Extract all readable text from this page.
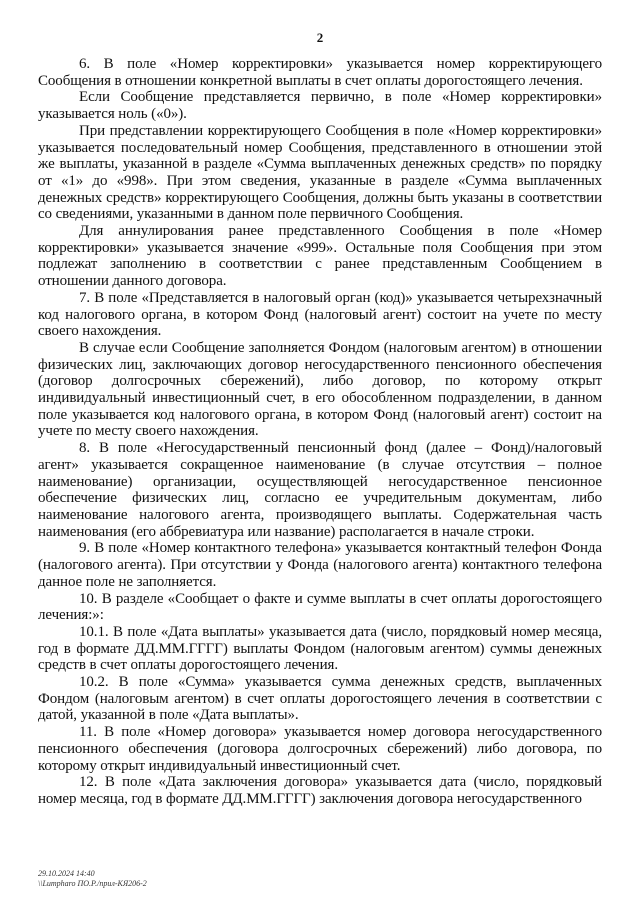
2

6. В поле «Номер корректировки» указывается номер корректирующего Сообщения в отношении конкретной выплаты в счет оплаты дорогостоящего лечения.

Если Сообщение представляется первично, в поле «Номер корректировки» указывается ноль («0»).

При представлении корректирующего Сообщения в поле «Номер корректировки» указывается последовательный номер Сообщения, представленного в отношении этой же выплаты, указанной в разделе «Сумма выплаченных денежных средств» по порядку от «1» до «998». При этом сведения, указанные в разделе «Сумма выплаченных денежных средств» корректирующего Сообщения, должны быть указаны в соответствии со сведениями, указанными в данном поле первичного Сообщения.

Для аннулирования ранее представленного Сообщения в поле «Номер корректировки» указывается значение «999». Остальные поля Сообщения при этом подлежат заполнению в соответствии с ранее представленным Сообщением в отношении данного договора.

7. В поле «Представляется в налоговый орган (код)» указывается четырехзначный код налогового органа, в котором Фонд (налоговый агент) состоит на учете по месту своего нахождения.

В случае если Сообщение заполняется Фондом (налоговым агентом) в отношении физических лиц, заключающих договор негосударственного пенсионного обеспечения (договор долгосрочных сбережений), либо договор, по которому открыт индивидуальный инвестиционный счет, в его обособленном подразделении, в данном поле указывается код налогового органа, в котором Фонд (налоговый агент) состоит на учете по месту своего нахождения.

8. В поле «Негосударственный пенсионный фонд (далее – Фонд)/налоговый агент» указывается сокращенное наименование (в случае отсутствия – полное наименование) организации, осуществляющей негосударственное пенсионное обеспечение физических лиц, согласно ее учредительным документам, либо наименование налогового агента, производящего выплаты. Содержательная часть наименования (его аббревиатура или название) располагается в начале строки.

9. В поле «Номер контактного телефона» указывается контактный телефон Фонда (налогового агента). При отсутствии у Фонда (налогового агента) контактного телефона данное поле не заполняется.

10. В разделе «Сообщает о факте и сумме выплаты в счет оплаты дорогостоящего лечения:»:

10.1. В поле «Дата выплаты» указывается дата (число, порядковый номер месяца, год в формате ДД.ММ.ГГГГ) выплаты Фондом (налоговым агентом) суммы денежных средств в счет оплаты дорогостоящего лечения.

10.2. В поле «Сумма» указывается сумма денежных средств, выплаченных Фондом (налоговым агентом) в счет оплаты дорогостоящего лечения в соответствии с датой, указанной в поле «Дата выплаты».

11. В поле «Номер договора» указывается номер договора негосударственного пенсионного обеспечения (договора долгосрочных сбережений) либо договора, по которому открыт индивидуальный инвестиционный счет.

12. В поле «Дата заключения договора» указывается дата (число, порядковый номер месяца, год в формате ДД.ММ.ГГГГ) заключения договора негосударственного

29.10.2024 14:40
\\Lumpharo ПО.Р./прил-КЯ206-2
